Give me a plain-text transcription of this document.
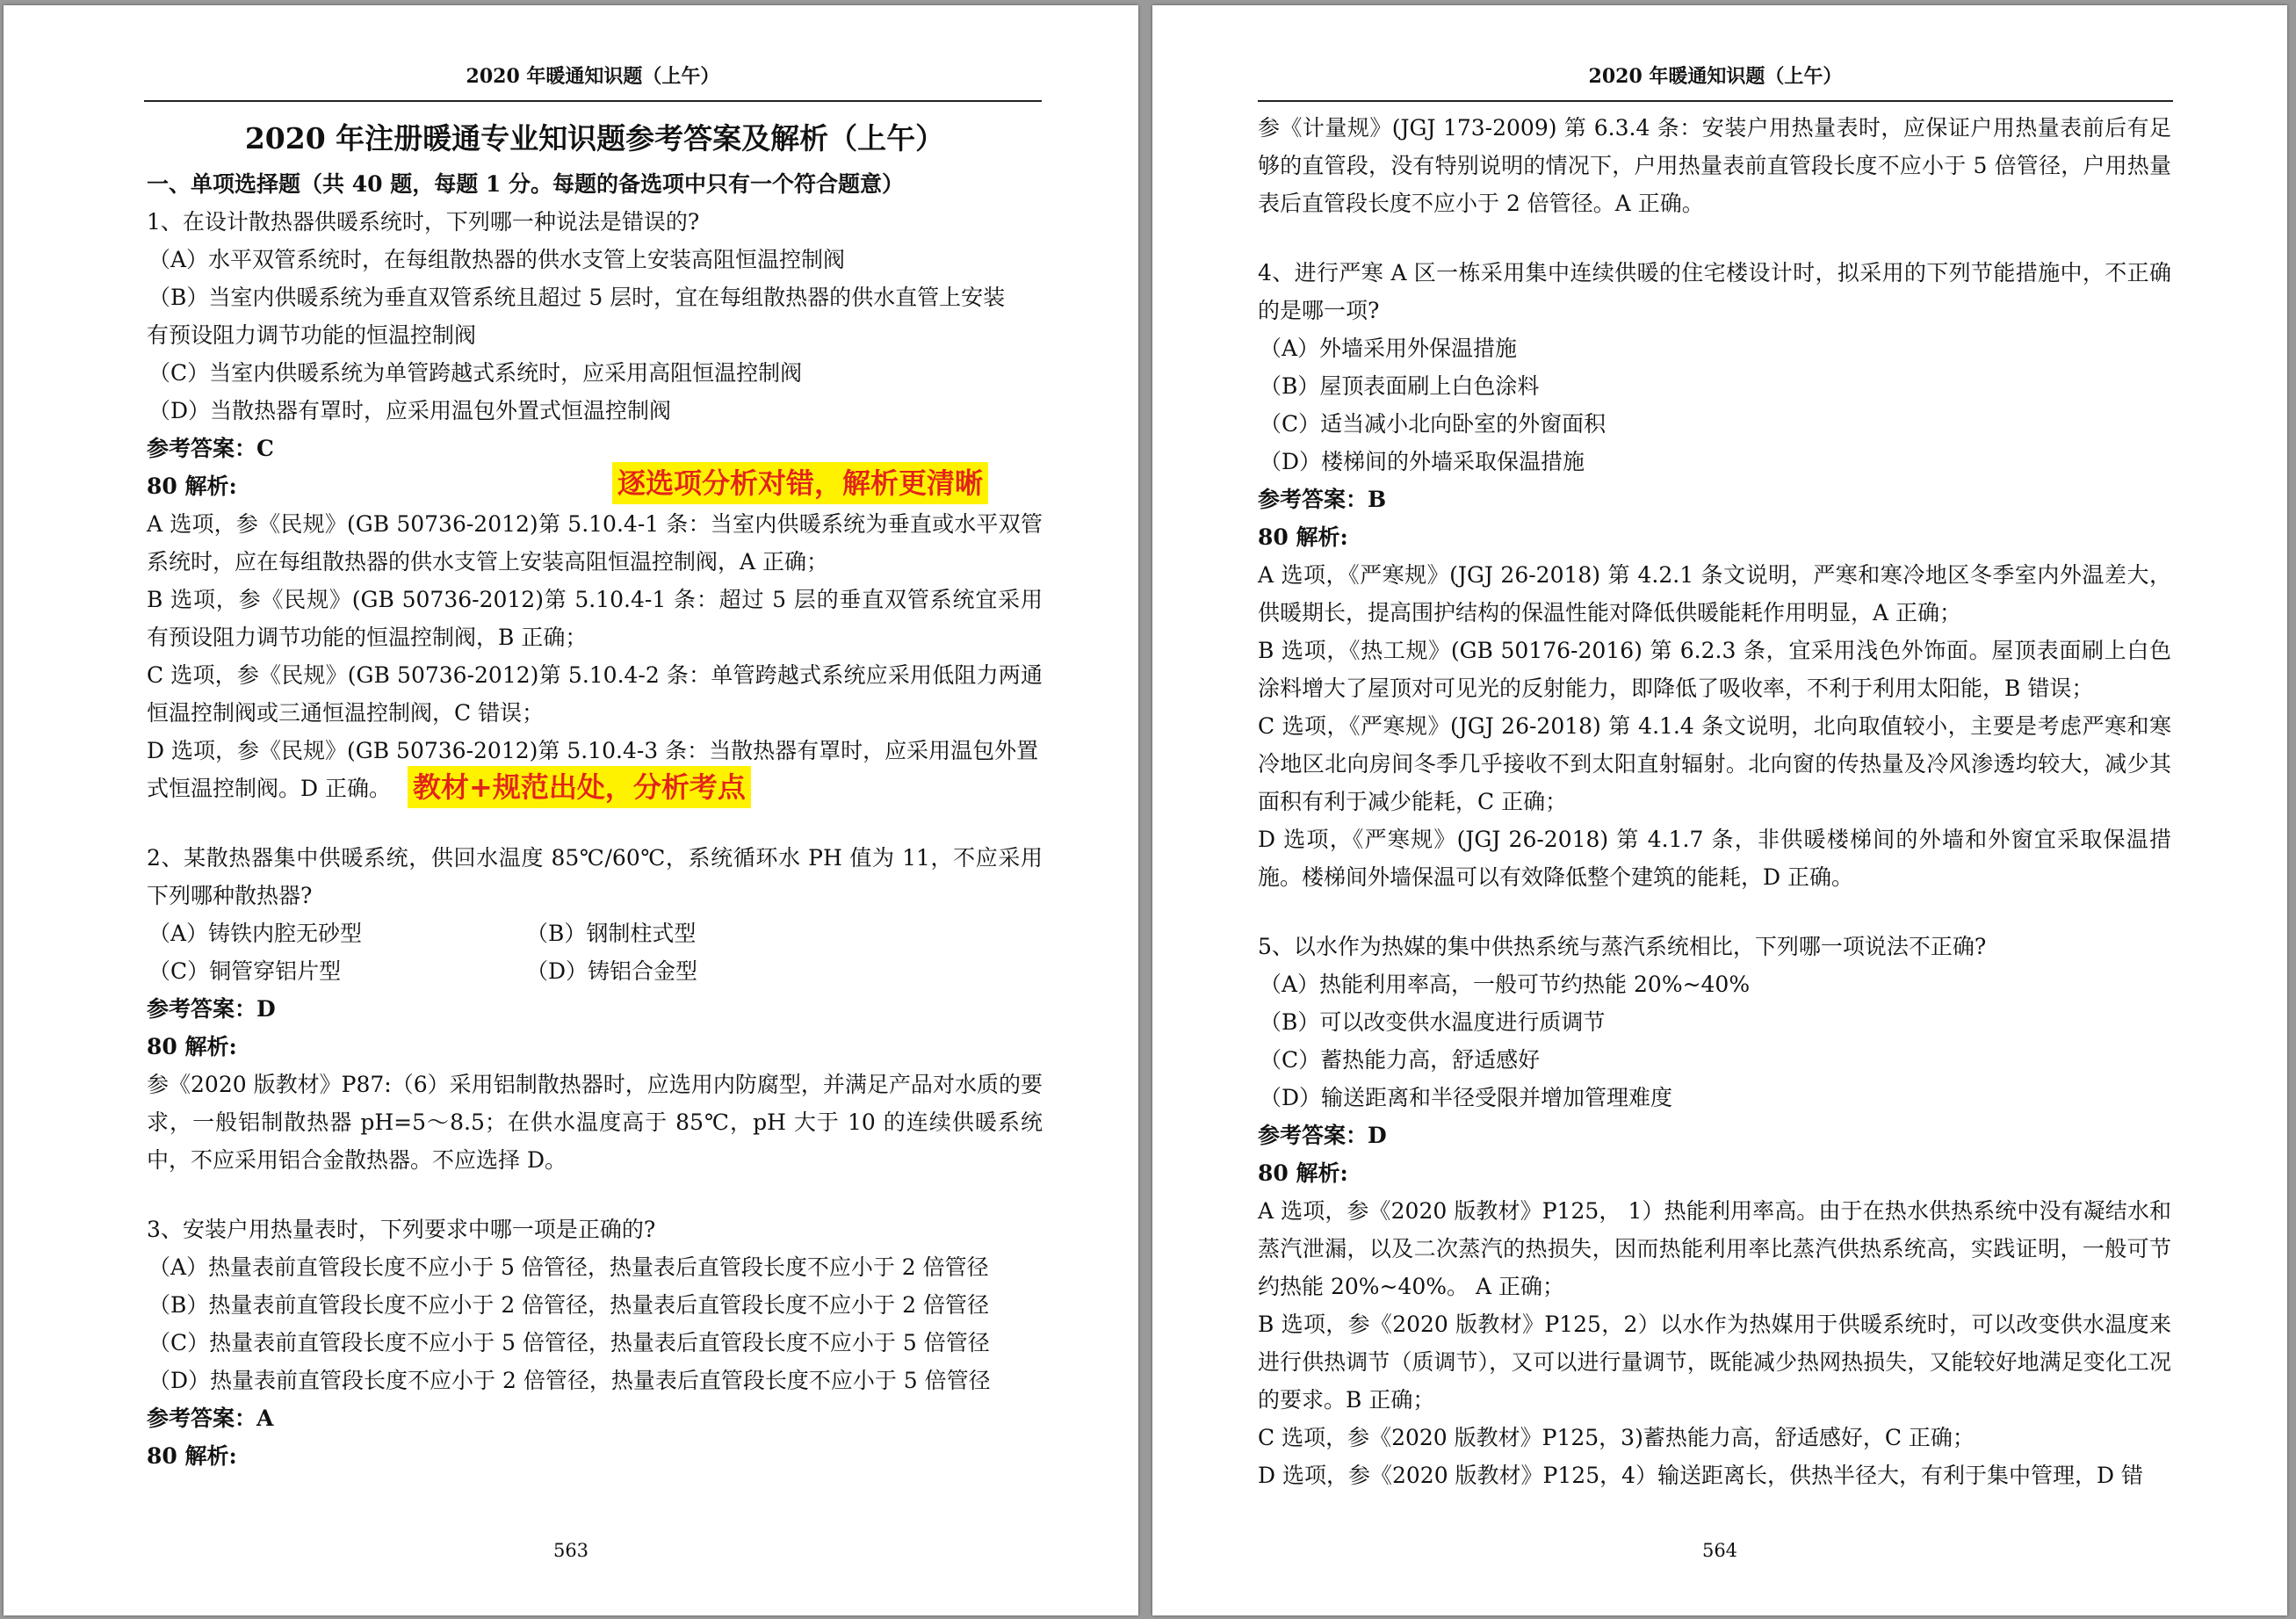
2020 年暖通知识题（上午）
2020 年注册暖通专业知识题参考答案及解析（上午）
一、单项选择题（共 40 题，每题 1 分。每题的备选项中只有一个符合题意）
1、在设计散热器供暖系统时，下列哪一种说法是错误的?
（A）水平双管系统时，在每组散热器的供水支管上安装高阻恒温控制阀
（B）当室内供暖系统为垂直双管系统且超过 5 层时，宜在每组散热器的供水直管上安装
有预设阻力调节功能的恒温控制阀
（C）当室内供暖系统为单管跨越式系统时，应采用高阻恒温控制阀
（D）当散热器有罩时，应采用温包外置式恒温控制阀
参考答案：C
80 解析:	逐选项分析对错，解析更清晰
A 选项，参《民规》(GB 50736-2012)第 5.10.4-1 条：当室内供暖系统为垂直或水平双管系统时，应在每组散热器的供水支管上安装高阻恒温控制阀，A 正确；
B 选项，参《民规》(GB 50736-2012)第 5.10.4-1 条：超过 5 层的垂直双管系统宜采用有预设阻力调节功能的恒温控制阀，B 正确；
C 选项，参《民规》(GB 50736-2012)第 5.10.4-2 条：单管跨越式系统应采用低阻力两通恒温控制阀或三通恒温控制阀，C 错误；
D 选项，参《民规》(GB 50736-2012)第 5.10.4-3 条：当散热器有罩时，应采用温包外置
式恒温控制阀。D 正确。 教材+规范出处，分析考点
2、某散热器集中供暖系统，供回水温度 85℃/60℃，系统循环水 PH 值为 11，不应采用下列哪种散热器?
（A）铸铁内腔无砂型	（B）钢制柱式型
（C）铜管穿铝片型	（D）铸铝合金型
参考答案：D
80 解析:
参《2020 版教材》P87:（6）采用铝制散热器时，应选用内防腐型，并满足产品对水质的要求，一般铝制散热器 pH=5～8.5；在供水温度高于 85℃，pH 大于 10 的连续供暖系统中，不应采用铝合金散热器。不应选择 D。
3、安装户用热量表时，下列要求中哪一项是正确的?
（A）热量表前直管段长度不应小于 5 倍管径，热量表后直管段长度不应小于 2 倍管径
（B）热量表前直管段长度不应小于 2 倍管径，热量表后直管段长度不应小于 2 倍管径
（C）热量表前直管段长度不应小于 5 倍管径，热量表后直管段长度不应小于 5 倍管径
（D）热量表前直管段长度不应小于 2 倍管径，热量表后直管段长度不应小于 5 倍管径
参考答案：A
80 解析:
563
2020 年暖通知识题（上午）
参《计量规》(JGJ 173-2009) 第 6.3.4 条：安装户用热量表时，应保证户用热量表前后有足够的直管段，没有特别说明的情况下，户用热量表前直管段长度不应小于 5 倍管径，户用热量表后直管段长度不应小于 2 倍管径。A 正确。
4、进行严寒 A 区一栋采用集中连续供暖的住宅楼设计时，拟采用的下列节能措施中，不正确的是哪一项?
（A）外墙采用外保温措施
（B）屋顶表面刷上白色涂料
（C）适当减小北向卧室的外窗面积
（D）楼梯间的外墙采取保温措施
参考答案：B
80 解析:
A 选项，《严寒规》(JGJ 26-2018) 第 4.2.1 条文说明，严寒和寒冷地区冬季室内外温差大，供暖期长，提高围护结构的保温性能对降低供暖能耗作用明显，A 正确；
B 选项，《热工规》(GB 50176-2016) 第 6.2.3 条，宜采用浅色外饰面。屋顶表面刷上白色涂料增大了屋顶对可见光的反射能力，即降低了吸收率，不利于利用太阳能，B 错误；
C 选项，《严寒规》(JGJ 26-2018) 第 4.1.4 条文说明，北向取值较小，主要是考虑严寒和寒冷地区北向房间冬季几乎接收不到太阳直射辐射。北向窗的传热量及冷风渗透均较大，减少其面积有利于减少能耗，C 正确；
D 选项，《严寒规》(JGJ 26-2018) 第 4.1.7 条，非供暖楼梯间的外墙和外窗宜采取保温措施。楼梯间外墙保温可以有效降低整个建筑的能耗，D 正确。
5、以水作为热媒的集中供热系统与蒸汽系统相比，下列哪一项说法不正确?
（A）热能利用率高，一般可节约热能 20%~40%
（B）可以改变供水温度进行质调节
（C）蓄热能力高，舒适感好
（D）输送距离和半径受限并增加管理难度
参考答案：D
80 解析:
A 选项，参《2020 版教材》P125， 1）热能利用率高。由于在热水供热系统中没有凝结水和蒸汽泄漏，以及二次蒸汽的热损失，因而热能利用率比蒸汽供热系统高，实践证明，一般可节约热能 20%~40%。 A 正确；
B 选项，参《2020 版教材》P125，2）以水作为热媒用于供暖系统时，可以改变供水温度来进行供热调节（质调节），又可以进行量调节，既能减少热网热损失，又能较好地满足变化工况的要求。B 正确；
C 选项，参《2020 版教材》P125，3)蓄热能力高，舒适感好，C 正确；
D 选项，参《2020 版教材》P125，4）输送距离长，供热半径大，有利于集中管理，D 错
564
